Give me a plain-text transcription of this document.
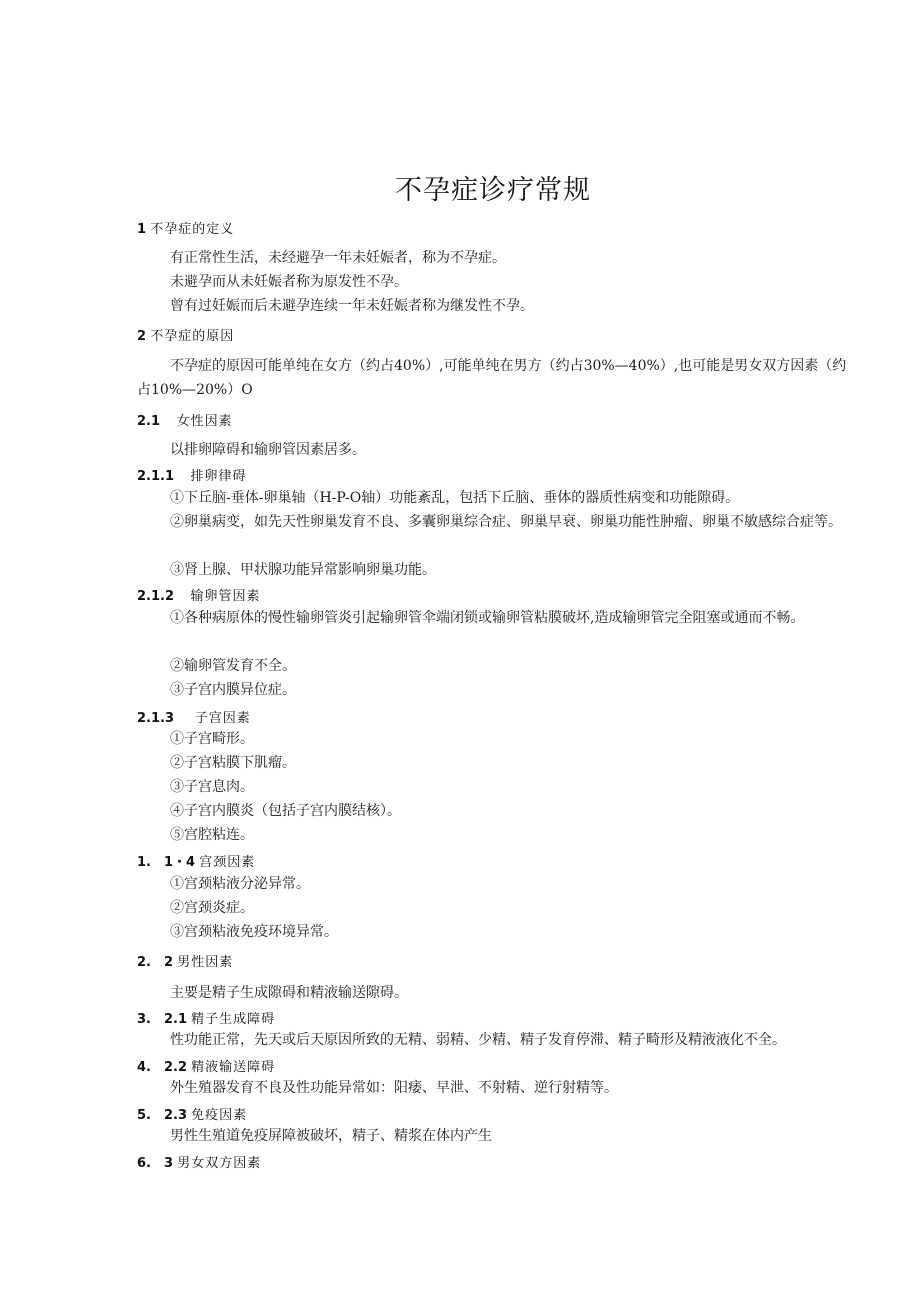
不孕症诊疗常规
1 不孕症的定义
有正常性生活，未经避孕一年未妊娠者，称为不孕症。
未避孕而从未妊娠者称为原发性不孕。
曾有过妊娠而后未避孕连续一年未妊娠者称为继发性不孕。
2 不孕症的原因
不孕症的原因可能单纯在女方（约占40%）,可能单纯在男方（约占30%—40%）,也可能是男女双方因素（约占10%—20%）O
2.1 女性因素
以排卵障碍和输卵管因素居多。
2.1.1 排卵律碍
①下丘脑-垂体-卵巢轴（H-P-O轴）功能紊乱，包括下丘脑、垂体的器质性病变和功能隙碍。
②卵巢病变，如先天性卵巢发育不良、多囊卵巢综合症、卵巢早衰、卵巢功能性肿瘤、卵巢不敏感综合症等。
③肾上腺、甲状腺功能异常影响卵巢功能。
2.1.2 输卵管因素
①各种病原体的慢性输卵管炎引起输卵管伞端闭锁或输卵管粘膜破坏,造成输卵管完全阻塞或通而不畅。
②输卵管发育不全。
③子宫内膜异位症。
2.1.3 子宫因素
①子宫畸形。
②子宫粘膜下肌瘤。
③子宫息肉。
④子宫内膜炎（包括子宫内膜结核）。
⑤宫腔粘连。
1. 1・4 宫颈因素
①宫颈粘液分泌异常。
②宫颈炎症。
③宫颈粘液免疫环境异常。
2. 2 男性因素
主要是精子生成隙碍和精液输送隙碍。
3. 2.1 精子生成障碍
性功能正常，先天或后天原因所致的无精、弱精、少精、精子发育停滞、精子畸形及精液液化不全。
4. 2.2 精液输送障碍
外生殖器发育不良及性功能异常如：阳痿、早泄、不射精、逆行射精等。
5. 2.3 免疫因素
男性生殖道免疫屏障被破坏，精子、精浆在体内产生
6. 3 男女双方因素
